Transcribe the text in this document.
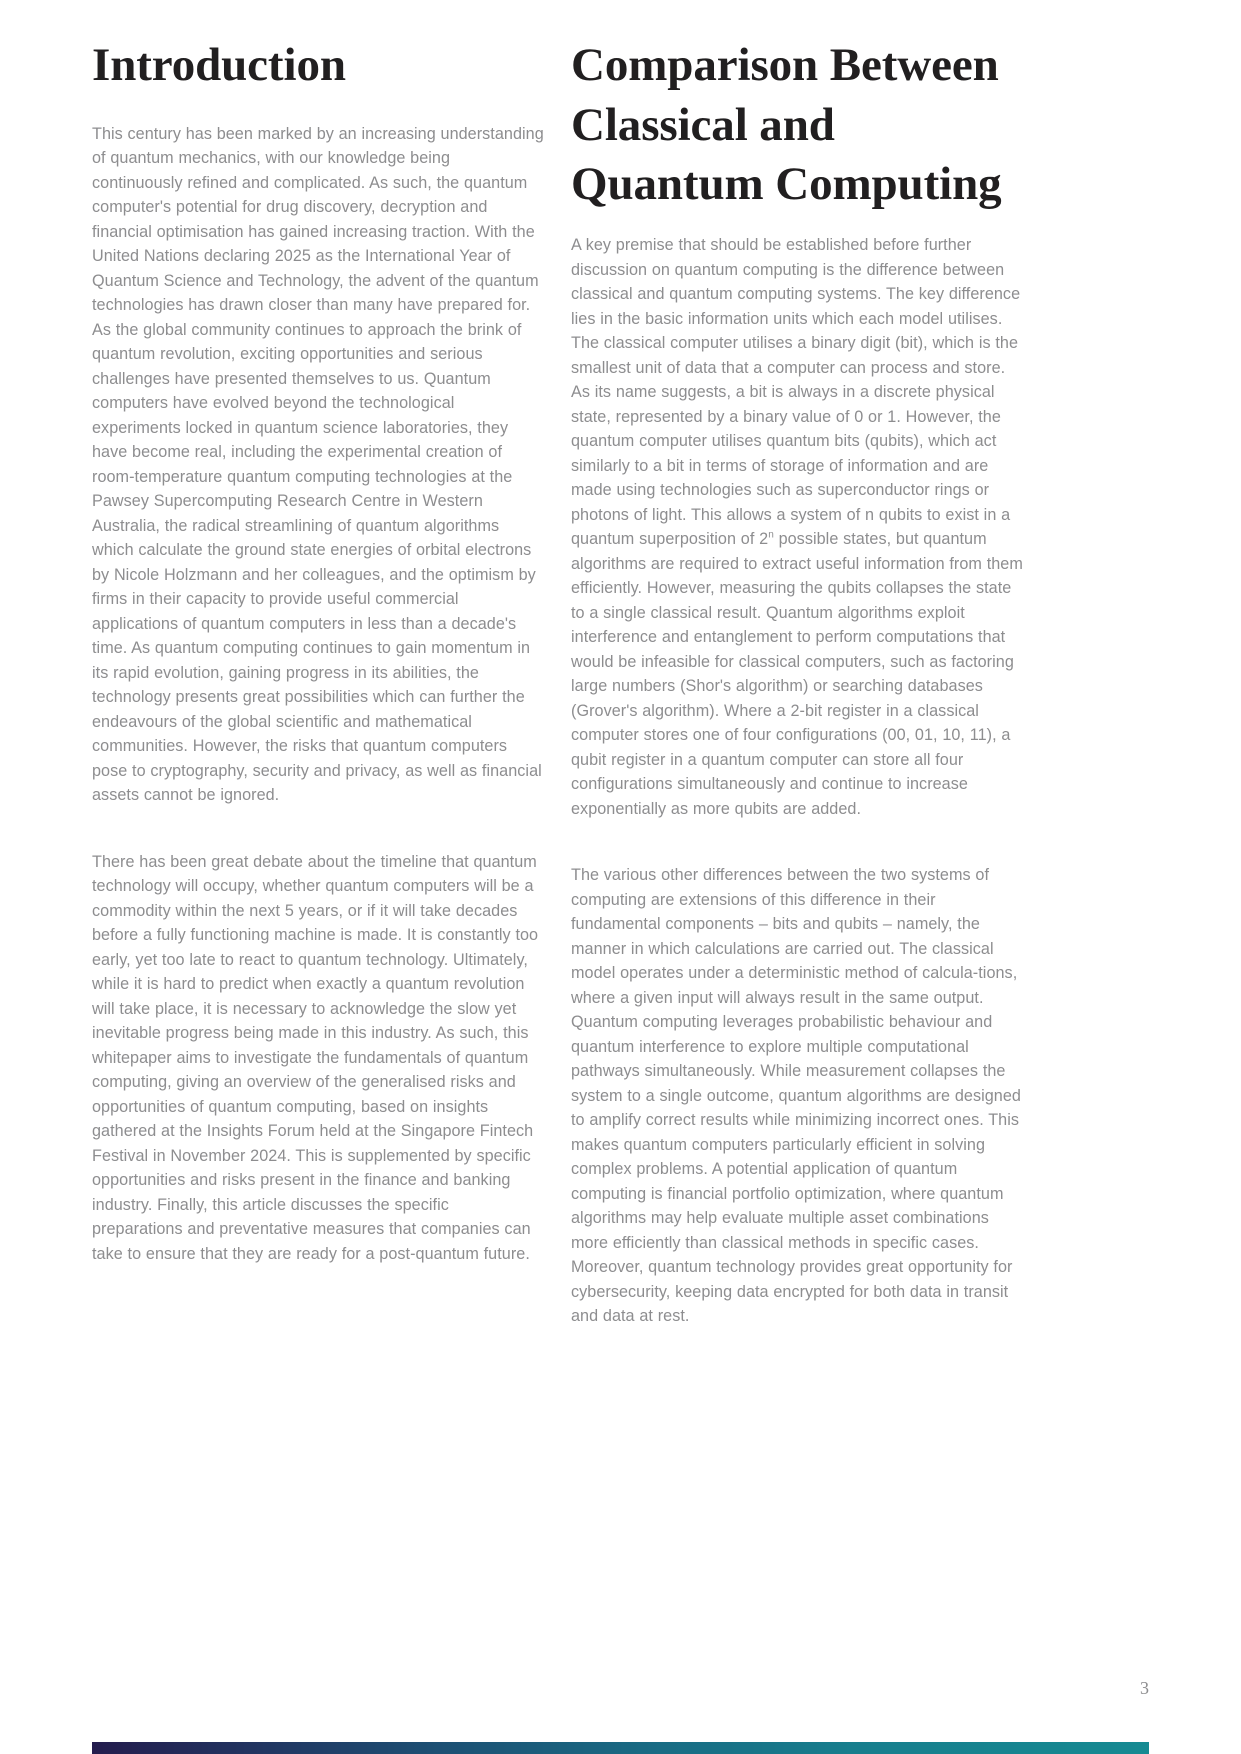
Introduction

This century has been marked by an increasing understanding of quantum mechanics, with our knowledge being continuously refined and complicated. As such, the quantum computer's potential for drug discovery, decryption and financial optimisation has gained increasing traction. With the United Nations declaring 2025 as the International Year of Quantum Science and Technology, the advent of the quantum technologies has drawn closer than many have prepared for. As the global community continues to approach the brink of quantum revolution, exciting opportunities and serious challenges have presented themselves to us. Quantum computers have evolved beyond the technological experiments locked in quantum science laboratories, they have become real, including the experimental creation of room-temperature quantum computing technologies at the Pawsey Supercomputing Research Centre in Western Australia, the radical streamlining of quantum algorithms which calculate the ground state energies of orbital electrons by Nicole Holzmann and her colleagues, and the optimism by firms in their capacity to provide useful commercial applications of quantum computers in less than a decade's time. As quantum computing continues to gain momentum in its rapid evolution, gaining progress in its abilities, the technology presents great possibilities which can further the endeavours of the global scientific and mathematical communities. However, the risks that quantum computers pose to cryptography, security and privacy, as well as financial assets cannot be ignored.

There has been great debate about the timeline that quantum technology will occupy, whether quantum computers will be a commodity within the next 5 years, or if it will take decades before a fully functioning machine is made. It is constantly too early, yet too late to react to quantum technology. Ultimately, while it is hard to predict when exactly a quantum revolution will take place, it is necessary to acknowledge the slow yet inevitable progress being made in this industry. As such, this whitepaper aims to investigate the fundamentals of quantum computing, giving an overview of the generalised risks and opportunities of quantum computing, based on insights gathered at the Insights Forum held at the Singapore Fintech Festival in November 2024. This is supplemented by specific opportunities and risks present in the finance and banking industry. Finally, this article discusses the specific preparations and preventative measures that companies can take to ensure that they are ready for a post-quantum future.

Comparison Between Classical and Quantum Computing

A key premise that should be established before further discussion on quantum computing is the difference between classical and quantum computing systems. The key difference lies in the basic information units which each model utilises. The classical computer utilises a binary digit (bit), which is the smallest unit of data that a computer can process and store. As its name suggests, a bit is always in a discrete physical state, represented by a binary value of 0 or 1. However, the quantum computer utilises quantum bits (qubits), which act similarly to a bit in terms of storage of information and are made using technologies such as superconductor rings or photons of light. This allows a system of n qubits to exist in a quantum superposition of 2$^n$ possible states, but quantum algorithms are required to extract useful information from them efficiently. However, measuring the qubits collapses the state to a single classical result. Quantum algorithms exploit interference and entanglement to perform computations that would be infeasible for classical computers, such as factoring large numbers (Shor's algorithm) or searching databases (Grover's algorithm). Where a 2-bit register in a classical computer stores one of four configurations (00, 01, 10, 11), a qubit register in a quantum computer can store all four configurations simultaneously and continue to increase exponentially as more qubits are added.

The various other differences between the two systems of computing are extensions of this difference in their fundamental components – bits and qubits – namely, the manner in which calculations are carried out. The classical model operates under a deterministic method of calcula-tions, where a given input will always result in the same output. Quantum computing leverages probabilistic behaviour and quantum interference to explore multiple computational pathways simultaneously. While measurement collapses the system to a single outcome, quantum algorithms are designed to amplify correct results while minimizing incorrect ones. This makes quantum computers particularly efficient in solving complex problems. A potential application of quantum computing is financial portfolio optimization, where quantum algorithms may help evaluate multiple asset combinations more efficiently than classical methods in specific cases. Moreover, quantum technology provides great opportunity for cybersecurity, keeping data encrypted for both data in transit and data at rest.

3
